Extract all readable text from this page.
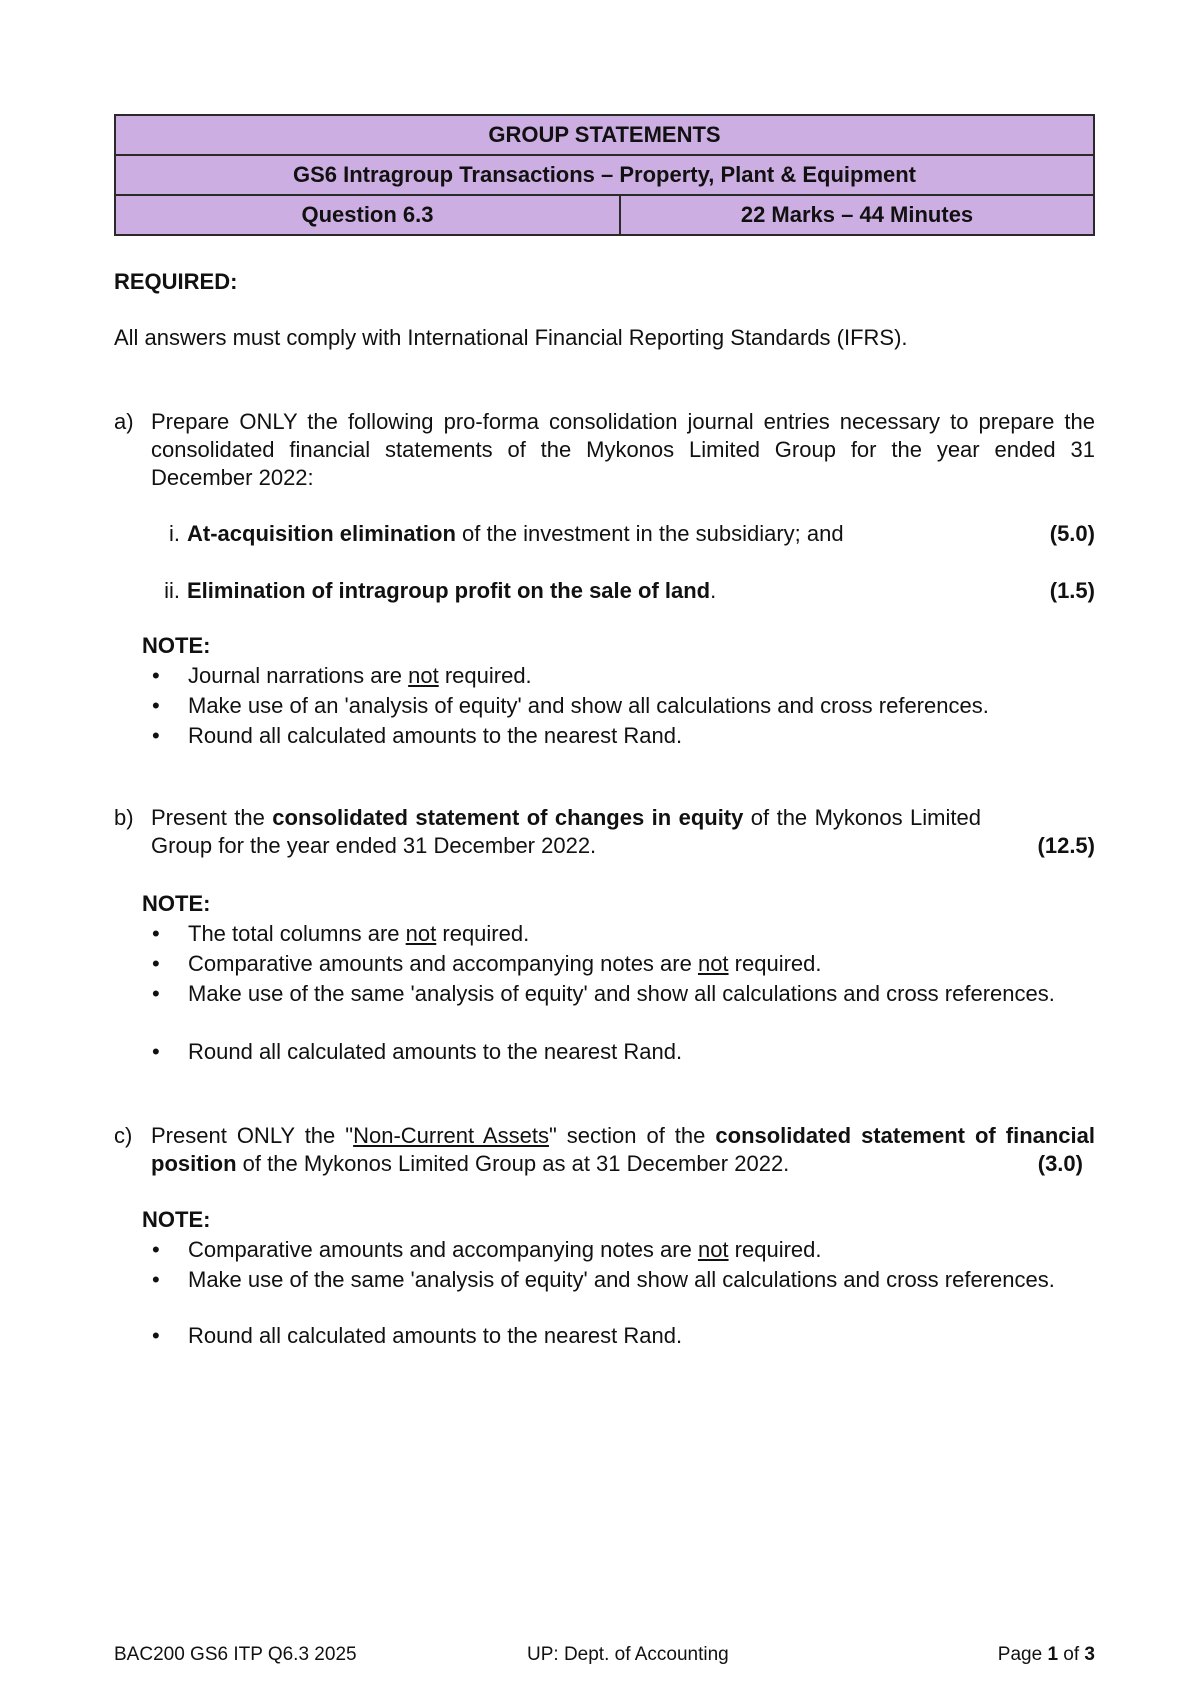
GROUP STATEMENTS
GS6 Intragroup Transactions – Property, Plant & Equipment
Question 6.3	22 Marks – 44 Minutes
REQUIRED:
All answers must comply with International Financial Reporting Standards (IFRS).
a) Prepare ONLY the following pro-forma consolidation journal entries necessary to prepare the consolidated financial statements of the Mykonos Limited Group for the year ended 31 December 2022:
i. At-acquisition elimination of the investment in the subsidiary; and	(5.0)
ii. Elimination of intragroup profit on the sale of land.	(1.5)
NOTE:
• Journal narrations are not required.
• Make use of an 'analysis of equity' and show all calculations and cross references.
• Round all calculated amounts to the nearest Rand.
b) Present the consolidated statement of changes in equity of the Mykonos Limited Group for the year ended 31 December 2022.	(12.5)
NOTE:
• The total columns are not required.
• Comparative amounts and accompanying notes are not required.
• Make use of the same 'analysis of equity' and show all calculations and cross references.
• Round all calculated amounts to the nearest Rand.
c) Present ONLY the "Non-Current Assets" section of the consolidated statement of financial position of the Mykonos Limited Group as at 31 December 2022.	(3.0)
NOTE:
• Comparative amounts and accompanying notes are not required.
• Make use of the same 'analysis of equity' and show all calculations and cross references.
• Round all calculated amounts to the nearest Rand.
BAC200 GS6 ITP Q6.3 2025	UP: Dept. of Accounting	Page 1 of 3
